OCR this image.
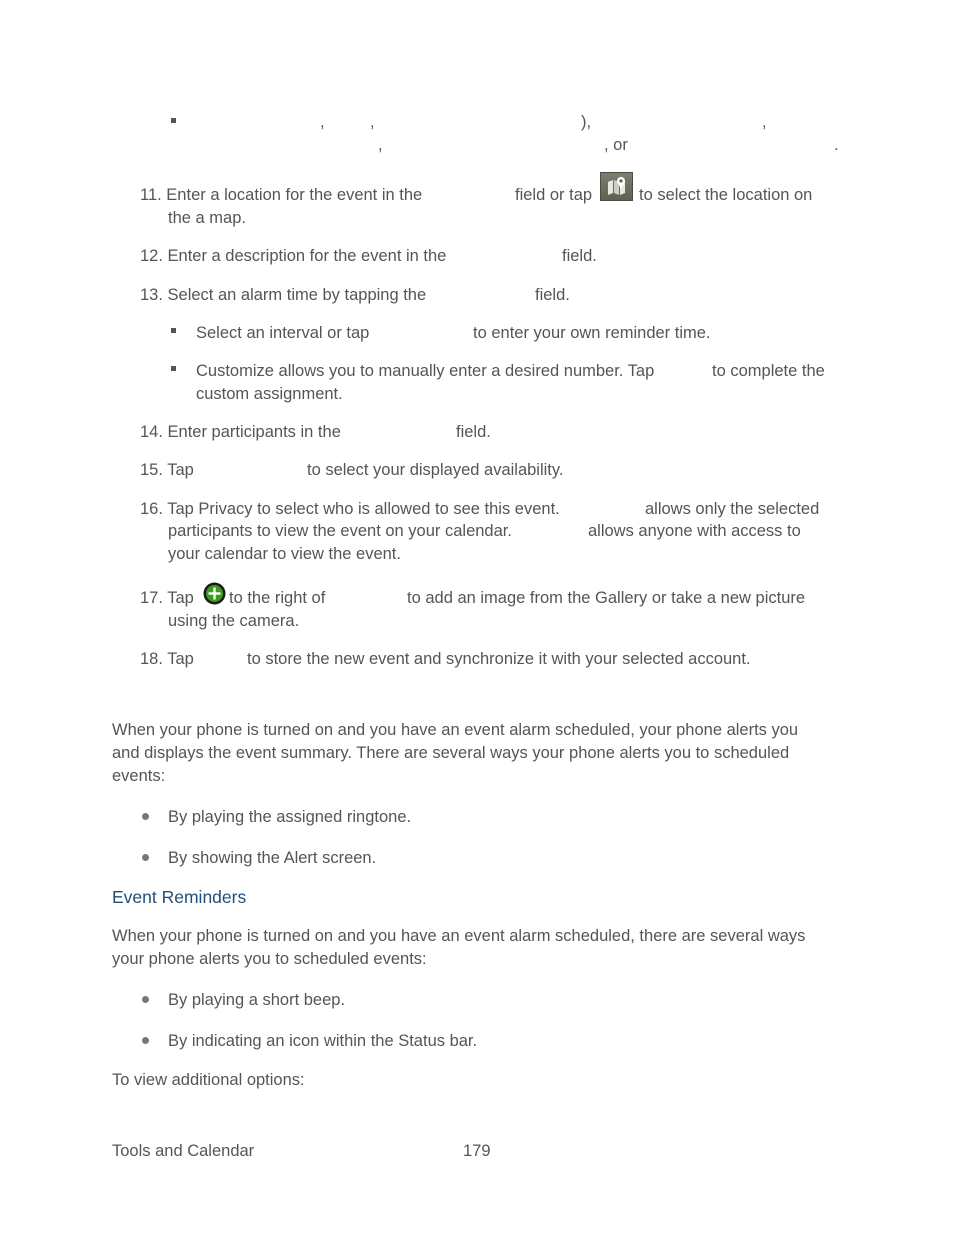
,	,	),	,
,	, or	.
11. Enter a location for the event in the	field or tap	to select the location on
the a map.
12. Enter a description for the event in the	field.
13. Select an alarm time by tapping the	field.
Select an interval or tap	to enter your own reminder time.
Customize allows you to manually enter a desired number. Tap	to complete the
custom assignment.
14. Enter participants in the	field.
15. Tap	to select your displayed availability.
16. Tap Privacy to select who is allowed to see this event.	allows only the selected
participants to view the event on your calendar.	allows anyone with access to
your calendar to view the event.
17. Tap to the right of	to add an image from the Gallery or take a new picture
using the camera.
18. Tap	to store the new event and synchronize it with your selected account.
When your phone is turned on and you have an event alarm scheduled, your phone alerts you
and displays the event summary. There are several ways your phone alerts you to scheduled
events:
By playing the assigned ringtone.
By showing the Alert screen.
Event Reminders
When your phone is turned on and you have an event alarm scheduled, there are several ways
your phone alerts you to scheduled events:
By playing a short beep.
By indicating an icon within the Status bar.
To view additional options:
Tools and Calendar	179
